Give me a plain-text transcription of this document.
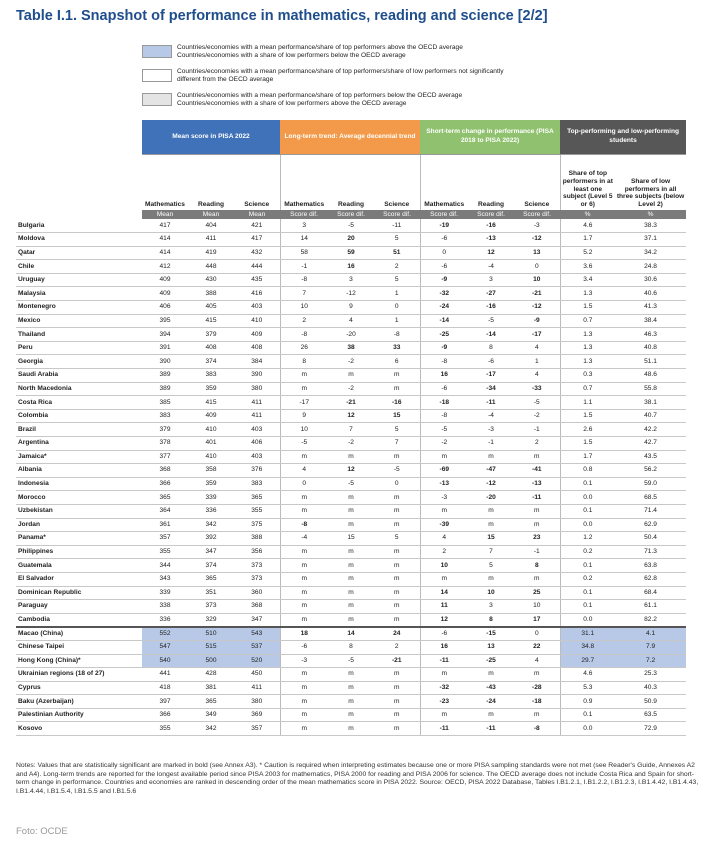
Table I.1. Snapshot of performance in mathematics, reading and science [2/2]
Countries/economies with a mean performance/share of top performers above the OECD average
Countries/economies with a share of low performers below the OECD average
Countries/economies with a mean performance/share of top performers/share of low performers not significantly
different from the OECD average
Countries/economies with a mean performance/share of top performers below the OECD average
Countries/economies with a share of low performers above the OECD average
	Mean score in PISA 2022			Long-term trend: Average decennial trend			Short-term change in performance (PISA 2018 to PISA 2022)			Top-performing and low-performing students	
	Mathematics	Reading	Science	Mathematics	Reading	Science	Mathematics	Reading	Science	Share of top performers in at least one subject (Level 5 or 6)	Share of low performers in all three subjects (below Level 2)
	Mean	Mean	Mean	Score dif.	Score dif.	Score dif.	Score dif.	Score dif.	Score dif.	%	%
Bulgaria	417	404	421	3	-5	-11	-19	-16	-3	4.6	38.3
Moldova	414	411	417	14	20	5	-6	-13	-12	1.7	37.1
Qatar	414	419	432	58	59	51	0	12	13	5.2	34.2
Chile	412	448	444	-1	16	2	-6	-4	0	3.6	24.8
Uruguay	409	430	435	-8	3	5	-9	3	10	3.4	30.6
Malaysia	409	388	416	7	-12	1	-32	-27	-21	1.3	40.6
Montenegro	406	405	403	10	9	0	-24	-16	-12	1.5	41.3
Mexico	395	415	410	2	4	1	-14	-5	-9	0.7	38.4
Thailand	394	379	409	-8	-20	-8	-25	-14	-17	1.3	46.3
Peru	391	408	408	26	38	33	-9	8	4	1.3	40.8
Georgia	390	374	384	8	-2	6	-8	-6	1	1.3	51.1
Saudi Arabia	389	383	390	m	m	m	16	-17	4	0.3	48.6
North Macedonia	389	359	380	m	-2	m	-6	-34	-33	0.7	55.8
Costa Rica	385	415	411	-17	-21	-16	-18	-11	-5	1.1	38.1
Colombia	383	409	411	9	12	15	-8	-4	-2	1.5	40.7
Brazil	379	410	403	10	7	5	-5	-3	-1	2.6	42.2
Argentina	378	401	406	-5	-2	7	-2	-1	2	1.5	42.7
Jamaica*	377	410	403	m	m	m	m	m	m	1.7	43.5
Albania	368	358	376	4	12	-5	-69	-47	-41	0.8	56.2
Indonesia	366	359	383	0	-5	0	-13	-12	-13	0.1	59.0
Morocco	365	339	365	m	m	m	-3	-20	-11	0.0	68.5
Uzbekistan	364	336	355	m	m	m	m	m	m	0.1	71.4
Jordan	361	342	375	-8	m	m	-39	m	m	0.0	62.9
Panama*	357	392	388	-4	15	5	4	15	23	1.2	50.4
Philippines	355	347	356	m	m	m	2	7	-1	0.2	71.3
Guatemala	344	374	373	m	m	m	10	5	8	0.1	63.8
El Salvador	343	365	373	m	m	m	m	m	m	0.2	62.8
Dominican Republic	339	351	360	m	m	m	14	10	25	0.1	68.4
Paraguay	338	373	368	m	m	m	11	3	10	0.1	61.1
Cambodia	336	329	347	m	m	m	12	8	17	0.0	82.2
Macao (China)	552	510	543	18	14	24	-6	-15	0	31.1	4.1
Chinese Taipei	547	515	537	-6	8	2	16	13	22	34.8	7.9
Hong Kong (China)*	540	500	520	-3	-5	-21	-11	-25	4	29.7	7.2
Ukrainian regions (18 of 27)	441	428	450	m	m	m	m	m	m	4.6	25.3
Cyprus	418	381	411	m	m	m	-32	-43	-28	5.3	40.3
Baku (Azerbaijan)	397	365	380	m	m	m	-23	-24	-18	0.9	50.9
Palestinian Authority	366	349	369	m	m	m	m	m	m	0.1	63.5
Kosovo	355	342	357	m	m	m	-11	-11	-8	0.0	72.9
Notes: Values that are statistically significant are marked in bold (see Annex A3). * Caution is required when interpreting estimates because one or more PISA sampling standards were not met (see Reader's Guide, Annexes A2 and A4). Long-term trends are reported for the longest available period since PISA 2003 for mathematics, PISA 2000 for reading and PISA 2006 for science. The OECD average does not include Costa Rica and Spain for short-term change in performance. Countries and economies are ranked in descending order of the mean mathematics score in PISA 2022. Source: OECD, PISA 2022 Database, Tables I.B1.2.1, I.B1.2.2, I.B1.2.3, I.B1.4.42, I.B1.4.43, I.B1.4.44, I.B1.5.4, I.B1.5.5 and I.B1.5.6
Foto: OCDE
